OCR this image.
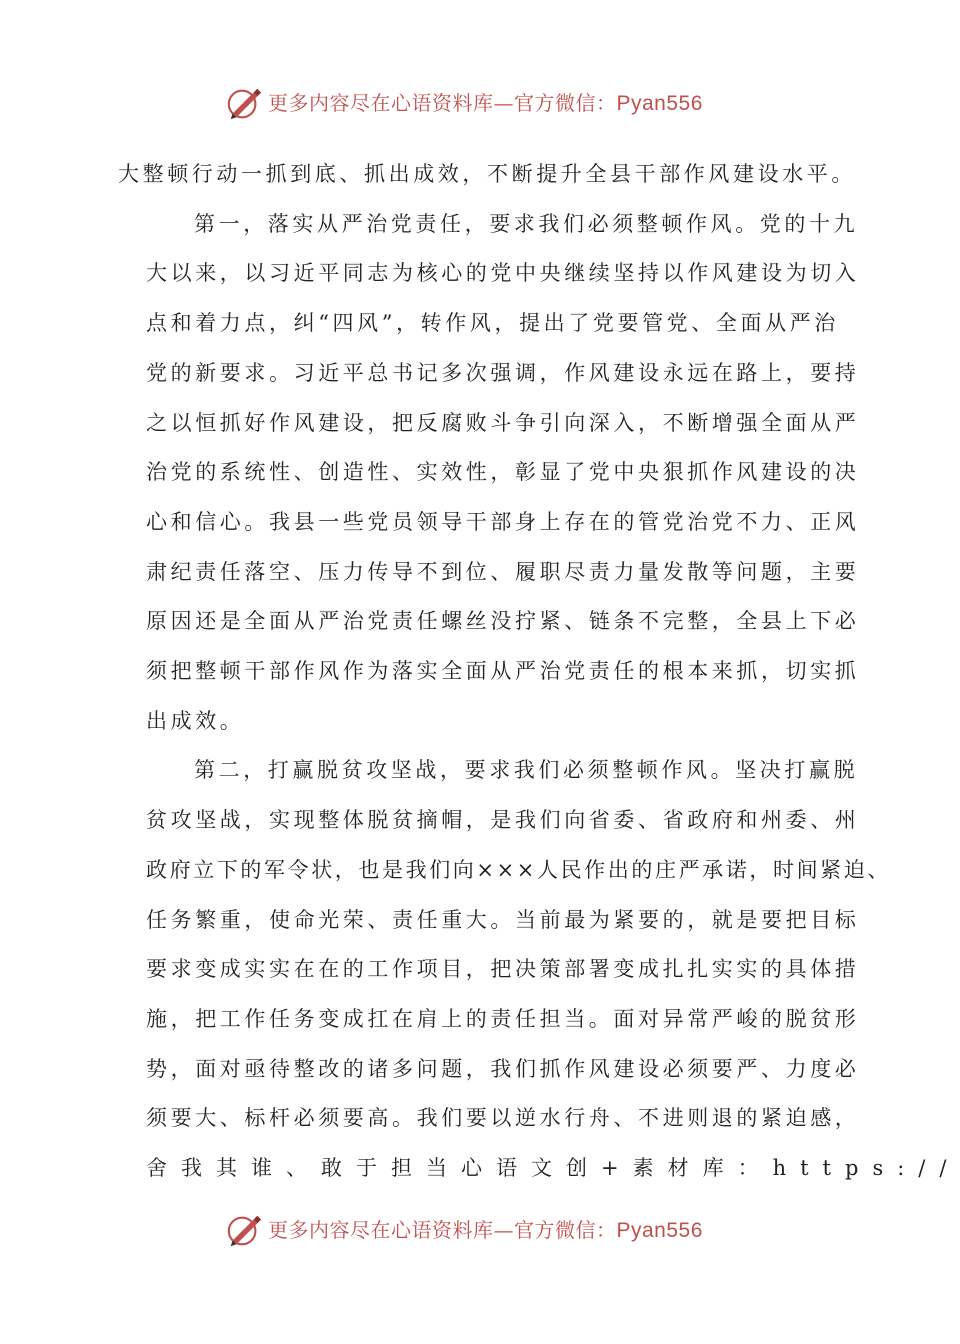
更多内容尽在心语资料库—官方微信：Pyan556

大整顿行动一抓到底、抓出成效，不断提升全县干部作风建设水平。

第一，落实从严治党责任，要求我们必须整顿作风。党的十九
大以来，以习近平同志为核心的党中央继续坚持以作风建设为切入
点和着力点，纠“四风”，转作风，提出了党要管党、全面从严治
党的新要求。习近平总书记多次强调，作风建设永远在路上，要持
之以恒抓好作风建设，把反腐败斗争引向深入，不断增强全面从严
治党的系统性、创造性、实效性，彰显了党中央狠抓作风建设的决
心和信心。我县一些党员领导干部身上存在的管党治党不力、正风
肃纪责任落空、压力传导不到位、履职尽责力量发散等问题，主要
原因还是全面从严治党责任螺丝没拧紧、链条不完整，全县上下必
须把整顿干部作风作为落实全面从严治党责任的根本来抓，切实抓
出成效。

第二，打赢脱贫攻坚战，要求我们必须整顿作风。坚决打赢脱
贫攻坚战，实现整体脱贫摘帽，是我们向省委、省政府和州委、州
政府立下的军令状，也是我们向×××人民作出的庄严承诺，时间紧迫、
任务繁重，使命光荣、责任重大。当前最为紧要的，就是要把目标
要求变成实实在在的工作项目，把决策部署变成扎扎实实的具体措
施，把工作任务变成扛在肩上的责任担当。面对异常严峻的脱贫形
势，面对亟待整改的诸多问题，我们抓作风建设必须要严、力度必
须要大、标杆必须要高。我们要以逆水行舟、不进则退的紧迫感，
舍我其谁、敢于担当心语文创+素材库：https://

更多内容尽在心语资料库—官方微信：Pyan556
